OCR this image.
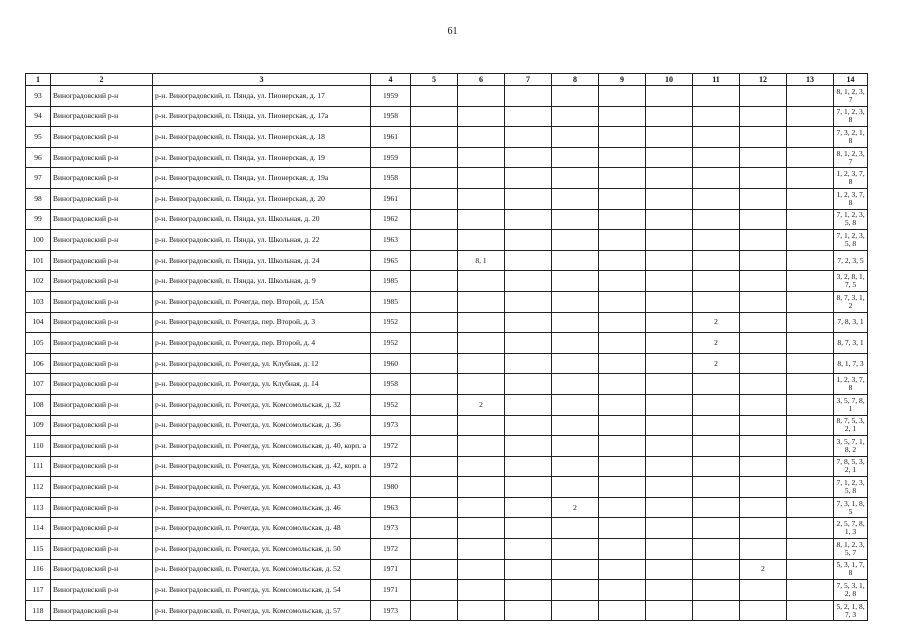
61
1	2	3	4	5	6	7	8	9	10	11	12	13	14
93	Виноградовский р-н	р-н. Виноградовский, п. Пянда, ул. Пионерская, д. 17	1959										8, 1, 2, 3, 7
94	Виноградовский р-н	р-н. Виноградовский, п. Пянда, ул. Пионерская, д. 17а	1958										7, 1, 2, 3, 8
95	Виноградовский р-н	р-н. Виноградовский, п. Пянда, ул. Пионерская, д. 18	1961										7, 3, 2, 1, 8
96	Виноградовский р-н	р-н. Виноградовский, п. Пянда, ул. Пионерская, д. 19	1959										8, 1, 2, 3, 7
97	Виноградовский р-н	р-н. Виноградовский, п. Пянда, ул. Пионерская, д. 19а	1958										1, 2, 3, 7, 8
98	Виноградовский р-н	р-н. Виноградовский, п. Пянда, ул. Пионерская, д. 20	1961										1, 2, 3, 7, 8
99	Виноградовский р-н	р-н. Виноградовский, п. Пянда, ул. Школьная, д. 20	1962										7, 1, 2, 3, 5, 8
100	Виноградовский р-н	р-н. Виноградовский, п. Пянда, ул. Школьная, д. 22	1963										7, 1, 2, 3, 5, 8
101	Виноградовский р-н	р-н. Виноградовский, п. Пянда, ул. Школьная, д. 24	1965		8, 1								7, 2, 3, 5
102	Виноградовский р-н	р-н. Виноградовский, п. Пянда, ул. Школьная, д. 9	1985										3, 2, 8, 1, 7, 5
103	Виноградовский р-н	р-н. Виноградовский, п. Рочегда, пер. Второй, д. 15А	1985										8, 7, 3, 1, 2
104	Виноградовский р-н	р-н. Виноградовский, п. Рочегда, пер. Второй, д. 3	1952							2			7, 8, 3, 1
105	Виноградовский р-н	р-н. Виноградовский, п. Рочегда, пер. Второй, д. 4	1952							2			8, 7, 3, 1
106	Виноградовский р-н	р-н. Виноградовский, п. Рочегда, ул. Клубная, д. 12	1960							2			8, 1, 7, 3
107	Виноградовский р-н	р-н. Виноградовский, п. Рочегда, ул. Клубная, д. 14	1958										1, 2, 3, 7, 8
108	Виноградовский р-н	р-н. Виноградовский, п. Рочегда, ул. Комсомольская, д. 32	1952		2								3, 5, 7, 8, 1
109	Виноградовский р-н	р-н. Виноградовский, п. Рочегда, ул. Комсомольская, д. 36	1973										8, 7, 5, 3, 2, 1
110	Виноградовский р-н	р-н. Виноградовский, п. Рочегда, ул. Комсомольская, д. 40, корп. а	1972										3, 5, 7, 1, 8, 2
111	Виноградовский р-н	р-н. Виноградовский, п. Рочегда, ул. Комсомольская, д. 42, корп. а	1972										7, 8, 5, 3, 2, 1
112	Виноградовский р-н	р-н. Виноградовский, п. Рочегда, ул. Комсомольская, д. 43	1980										7, 1, 2, 3, 5, 8
113	Виноградовский р-н	р-н. Виноградовский, п. Рочегда, ул. Комсомольская, д. 46	1963				2						7, 3, 1, 8, 5
114	Виноградовский р-н	р-н. Виноградовский, п. Рочегда, ул. Комсомольская, д. 48	1973										2, 5, 7, 8, 1, 3
115	Виноградовский р-н	р-н. Виноградовский, п. Рочегда, ул. Комсомольская, д. 50	1972										8, 1, 2, 3, 5, 7
116	Виноградовский р-н	р-н. Виноградовский, п. Рочегда, ул. Комсомольская, д. 52	1971								2		5, 3, 1, 7, 8
117	Виноградовский р-н	р-н. Виноградовский, п. Рочегда, ул. Комсомольская, д. 54	1971										7, 5, 3, 1, 2, 8
118	Виноградовский р-н	р-н. Виноградовский, п. Рочегда, ул. Комсомольская, д. 57	1973										5, 2, 1, 8, 7, 3
